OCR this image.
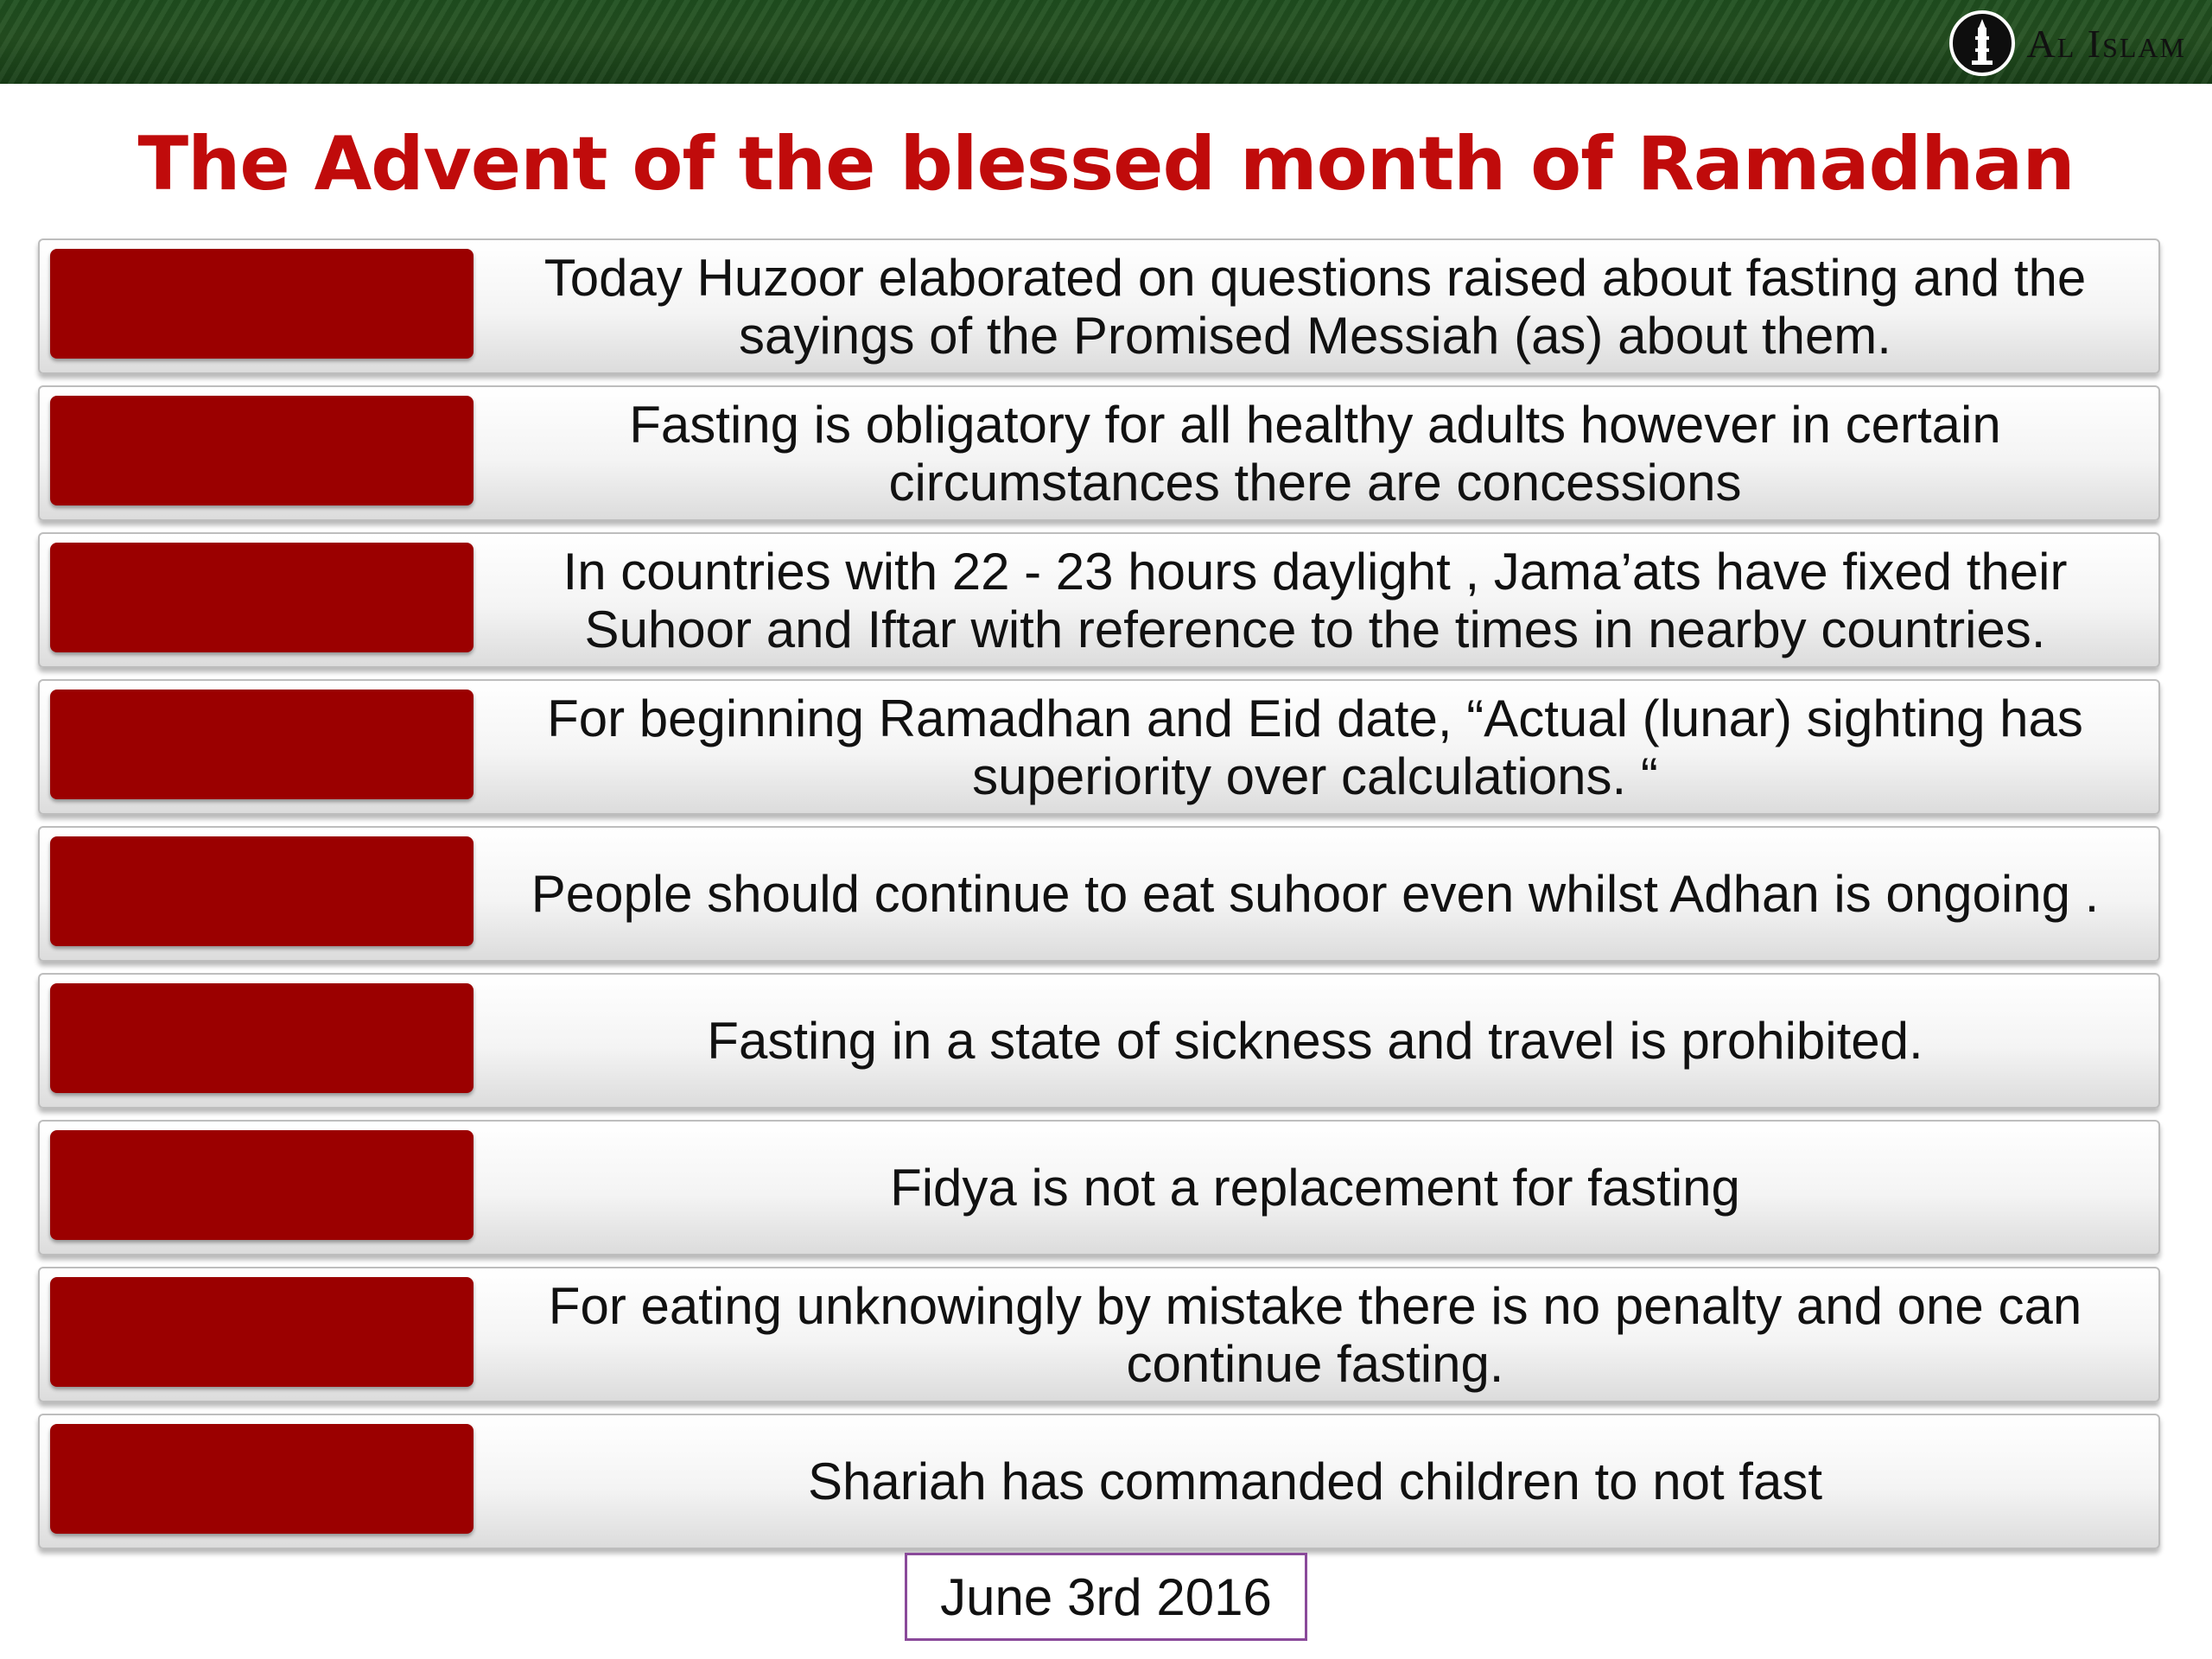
Al Islam
The Advent of the blessed month of Ramadhan
Today Huzoor elaborated on questions raised about fasting and the sayings of the Promised Messiah (as) about them.
Fasting is obligatory for all healthy adults however in certain circumstances there are concessions
In countries with 22 - 23 hours daylight , Jama’ats have fixed their Suhoor and Iftar with reference to the times in nearby countries.
For beginning Ramadhan and Eid date, “Actual (lunar) sighting has superiority over calculations. “
People should continue to eat suhoor even whilst Adhan is ongoing .
Fasting in a state of sickness and travel is prohibited.
Fidya is not a replacement for fasting
For eating unknowingly by mistake there is no penalty and one can continue fasting.
Shariah has commanded children to not fast
June 3rd 2016
